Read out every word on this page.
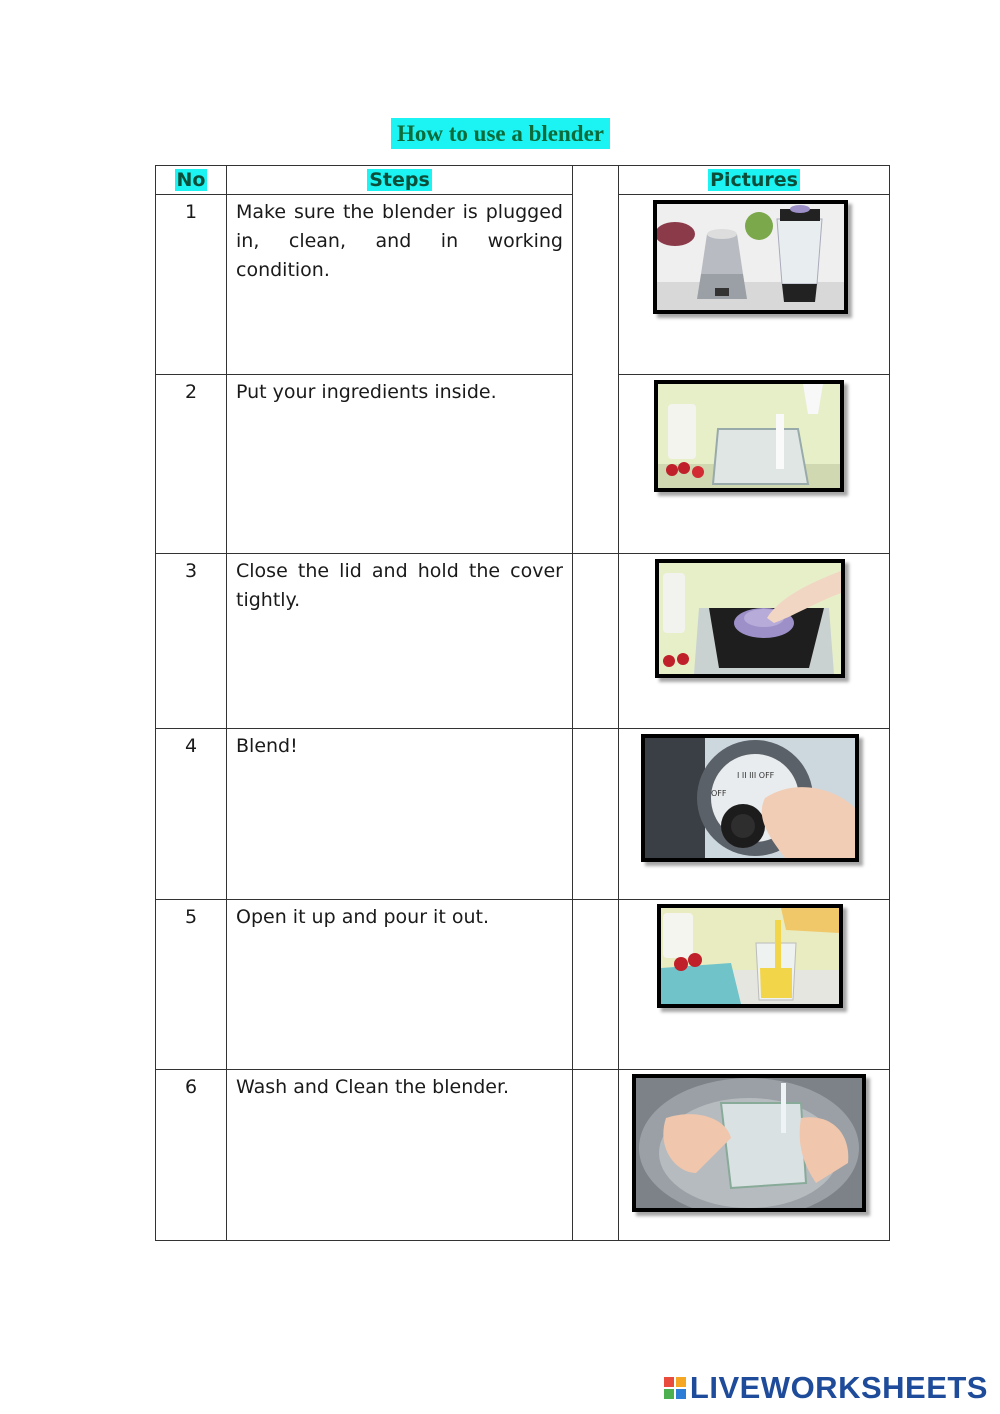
How to use a blender
No	Steps		Pictures
1	Make sure the blender is plugged in, clean, and in working condition.	

2	Put your ingredients inside.	

3	Close the lid and hold the cover tightly.		

4	Blend!		OFF
I II III OFF

5	Open it up and pour it out.		

6	Wash and Clean the blender.		
LIVEWORKSHEETS
